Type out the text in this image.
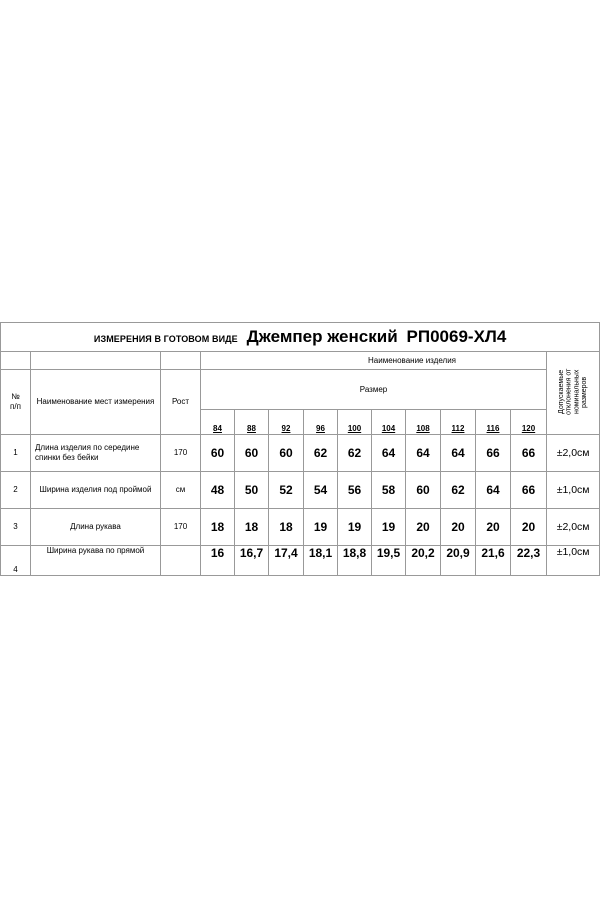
ИЗМЕРЕНИЯ В ГОТОВОМ ВИДЕ Джемпер женский РП0069-ХЛ4													
			Наименование изделия										Допускаемые отклонения от номинальных размеров
№
п/п	Наименование мест измерения	Рост	Размер										
			84	88	92	96	100	104	108	112	116	120	
1	Длина изделия по середине спинки без бейки	170	60	60	60	62	62	64	64	64	66	66	±2,0см
2	Ширина изделия под проймой	см	48	50	52	54	56	58	60	62	64	66	±1,0см
3	Длина рукава	170	18	18	18	19	19	19	20	20	20	20	±2,0см
4	Ширина рукава по прямой		16	16,7	17,4	18,1	18,8	19,5	20,2	20,9	21,6	22,3	±1,0см
